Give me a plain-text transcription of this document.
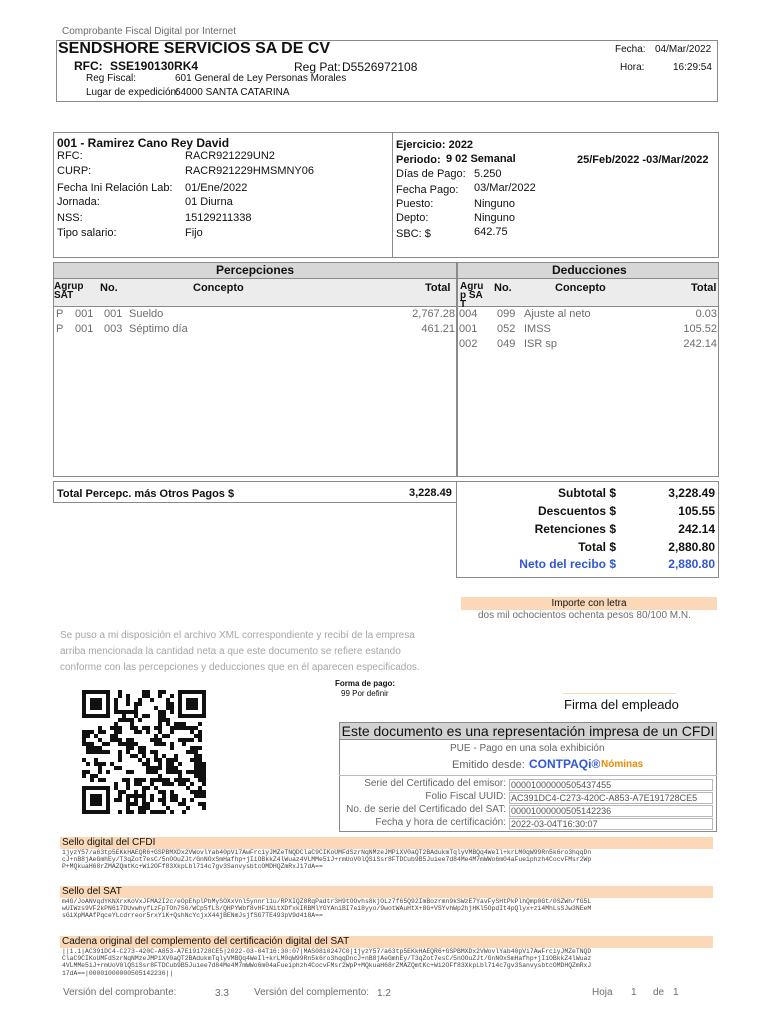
Comprobante Fiscal Digital por Internet
SENDSHORE SERVICIOS SA DE CV
RFC: SSE190130RK4	Reg Pat: D5526972108
Reg Fiscal:	601 General de Ley Personas Morales
Lugar de expedición:
64000 SANTA CATARINA
Fecha: 04/Mar/2022
Hora:	16:29:54
001 - Ramirez Cano Rey David
RFC:	RACR921229UN2
CURP:	RACR921229HMSMNY06
Fecha Ini Relación Lab: 01/Ene/2022
Jornada:	01 Diurna
NSS:	15129211338
Tipo salario:	Fijo
Ejercicio: 2022
Periodo: 9 02 Semanal	25/Feb/2022 -03/Mar/2022
Días de Pago: 5.250
Fecha Pago: 03/Mar/2022
Puesto:	Ninguno
Depto:	Ninguno
SBC: $	642.75
Percepciones	Deducciones
Agrup SAT
No.	Concepto	Total Agru p SA T
No.	Concepto	Total
P 001 001 Sueldo	2,767.28
P 001 003 Séptimo día	461.21
004 099 Ajuste al neto	0.03
001 052 IMSS	105.52
002 049 ISR sp	242.14
Total Percepc. más Otros Pagos $	3,228.49	Subtotal $	3,228.49
Descuentos $	105.55
Retenciones $	242.14
Total $	2,880.80
Neto del recibo $	2,880.80
Importe con letra
dos mil ochocientos ochenta pesos 80/100 M.N.
Se puso a mi disposición el archivo XML correspondiente y recibí de la empresa
arriba mencionada la cantidad neta a que este documento se refiere estando
conforme con las percepciones y deducciones que en él aparecen especificados.
Forma de pago:
99 Por definir
Firma del empleado
Este documento es una representación impresa de un CFDI
PUE - Pago en una sola exhibición
Emitido desde: CONTPAQi® Nóminas
Serie del Certificado del emisor: 00001000000505437455
Folio Fiscal UUID: AC391DC4-C273-420C-A853-A7E191728CE5
No. de serie del Certificado del SAT: 00001000000505142236
Fecha y hora de certificación: 2022-03-04T16:30:07
Sello digital del CFDI
1jyzY57/a63tp5EKkHAEQR6+GSPBMXDx2VWovlYab40pVi7AwFrciyJMZeTNQDClaC9CIKoUMFdSzrNqNMzeJMPiXV0aQT2BAdukmTqlyVMBQq4WeIl+krLM0qW99Rn5k6ro3hqqDn
cJ+nB8jAeGmhEy/T3qZot7esC/5nOOuZJt/GnNOxSmHafhp+jIiOBkkZ4lWuaz4VLMMe5iJ+rmUoV0lQSiSsr8FTDCub9B5Juiee7d84Me4M7mWWo6m04aFueiphzh4CocvFMsr2Wp
P+MQkuaH68rZMAZQmtKc+Wi2OFf83XkpLbl714c7gv3SanvysbtcOMDHQZmRxJ17dA==
Sello del SAT
m4G/JoANVqdYKNXrxKoVxJFMA2I2c/eOpEhplPbMySOXxVnl5ynnrl1u/RPXIQZ8RqPadtr3H9tOOvhs8kjOLz7f65Q92ImBozrmn9kSWzE7YavFySHtPkPlhQmp0Gt/0SZWh/fG5L
wUIWzs9VF2kPN617DUvwhyfLzFpTOh7S6/WCp5fLS/QHPYWbf8vHF1NitXDfxkIRBMlYGYAniBI7ei8yyo/9wotWAuHtX+8G+VSYvhWp2hjHKl5OpdIt4pQlyx+zi4MhLsSJw3NEeM
sGiXpMAAfPqceYLcdrreor5rxYiK+QshNcYcjxX44jBENmJsjfSG7TE493pV9d418A==
Cadena original del complemento del certificación digital del SAT
||1.1|AC391DC4-C273-420C-A853-A7E191728CE5|2022-03-04T16:30:07|MAS0810247C0|1jyzY57/a63tp5EKkHAEQR6+GSPBMXDx2VWovlYab40pVi7AwFrciyJMZeTNQD
ClaC9CIKoUMFdSzrNqNMzeJMPiXV0aQT2BAdukmTqlyVMBQq4WeIl+krLM0qW99Rn5k6ro3hqqDncJ+nB8jAeGmhEy/T3qZot7esC/5nOOuZJt/GnNOxSmHafhp+jIiOBkkZ4lWuaz
4VLMMe5iJ+rmUoV0lQSiSsr8FTDCub9B5Juiee7d84Me4M7mWWo6m04aFueiphzh4CocvFMsr2WpP+MQkuaH68rZMAZQmtKc+Wi2OFf83XkpLbl714c7gv3SanvysbtcOMDHQZmRxJ
17dA==|00001000000505142236||
Versión del comprobante:	3.3	Versión del complemento: 1.2	Hoja 1 de 1
